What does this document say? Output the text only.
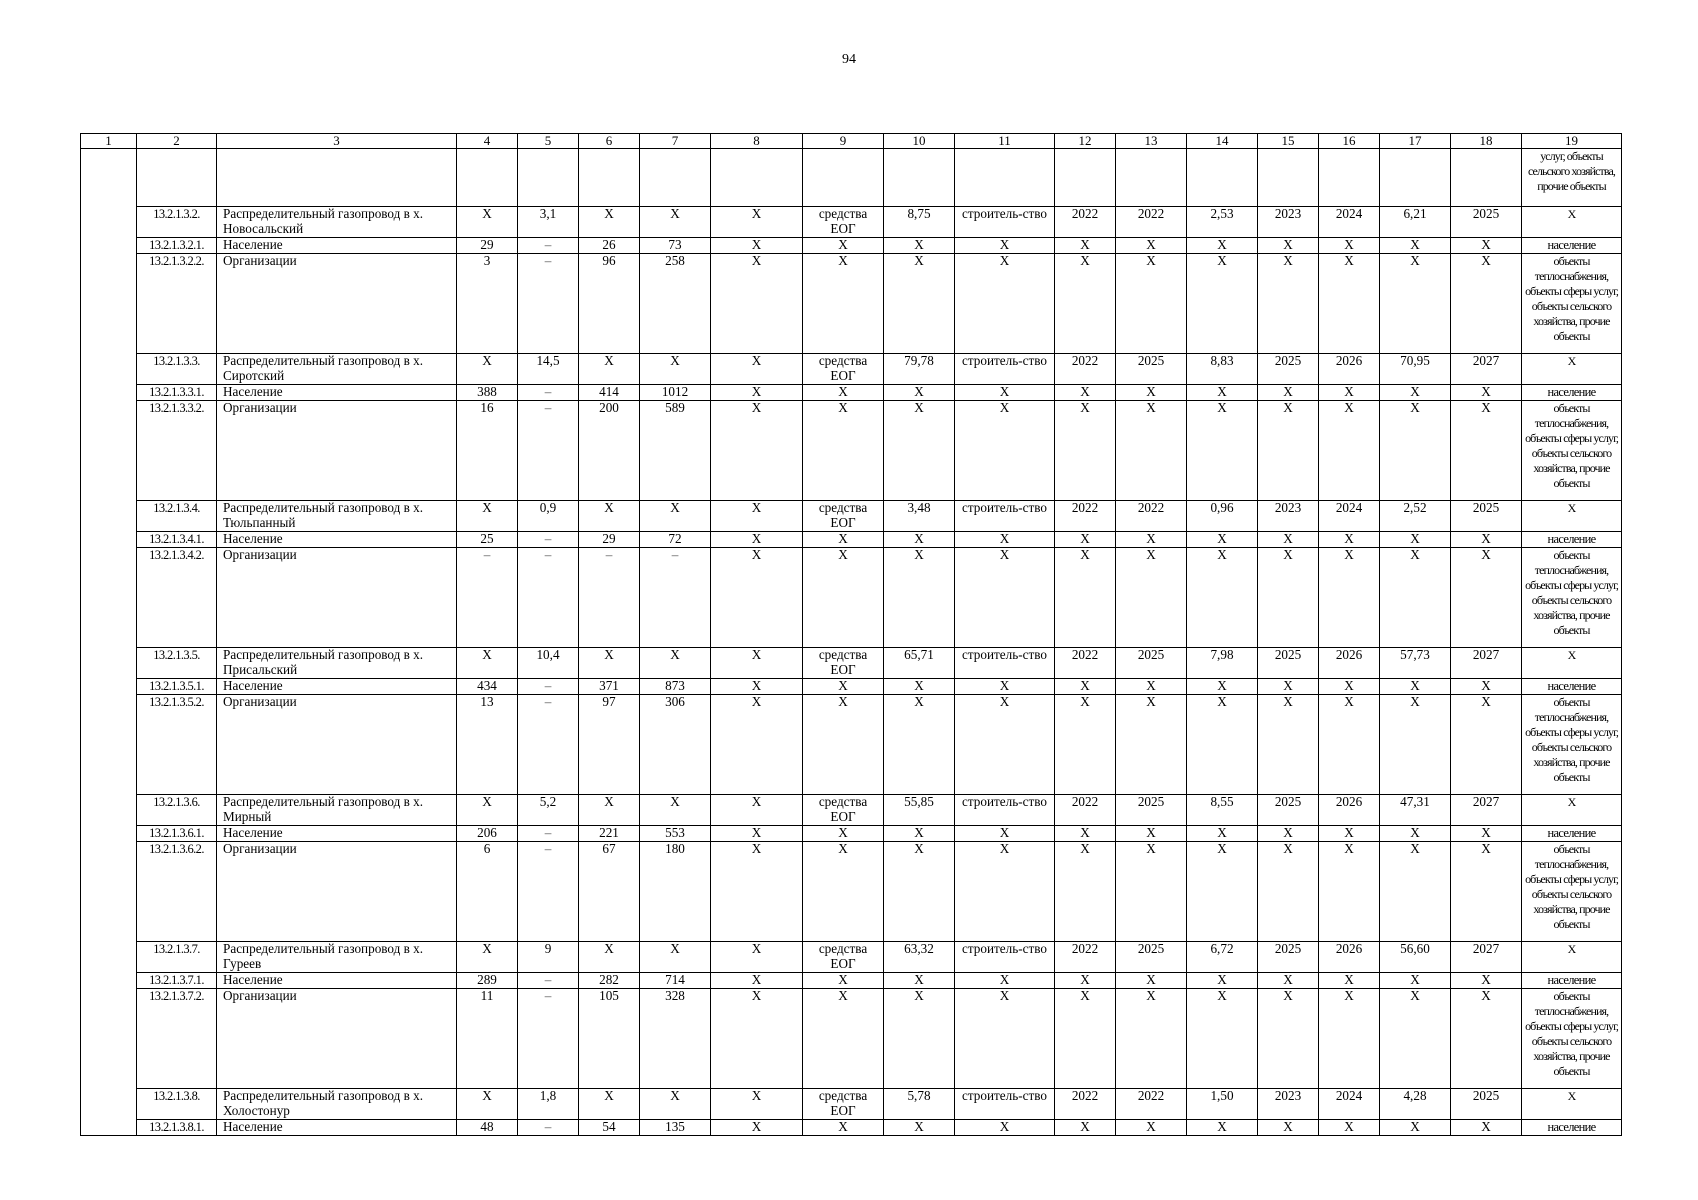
94
1	2	3	4	5	6	7	8	9	10	11	12	13	14	15	16	17	18	19
																		услуг, объекты сельского хозяйства, прочие объекты
	13.2.1.3.2.	Распределительный газопровод в х. Новосальский	Х	3,1	Х	Х	Х	средства ЕОГ	8,75	строитель-ство	2022	2022	2,53	2023	2024	6,21	2025	Х
	13.2.1.3.2.1.	Население	29	–	26	73	Х	Х	Х	Х	Х	Х	Х	Х	Х	Х	Х	население
	13.2.1.3.2.2.	Организации	3	–	96	258	Х	Х	Х	Х	Х	Х	Х	Х	Х	Х	Х	объекты теплоснабжения, объекты сферы услуг, объекты сельского хозяйства, прочие объекты
	13.2.1.3.3.	Распределительный газопровод в х. Сиротский	Х	14,5	Х	Х	Х	средства ЕОГ	79,78	строитель-ство	2022	2025	8,83	2025	2026	70,95	2027	Х
	13.2.1.3.3.1.	Население	388	–	414	1012	Х	Х	Х	Х	Х	Х	Х	Х	Х	Х	Х	население
	13.2.1.3.3.2.	Организации	16	–	200	589	Х	Х	Х	Х	Х	Х	Х	Х	Х	Х	Х	объекты теплоснабжения, объекты сферы услуг, объекты сельского хозяйства, прочие объекты
	13.2.1.3.4.	Распределительный газопровод в х. Тюльпанный	Х	0,9	Х	Х	Х	средства ЕОГ	3,48	строитель-ство	2022	2022	0,96	2023	2024	2,52	2025	Х
	13.2.1.3.4.1.	Население	25	–	29	72	Х	Х	Х	Х	Х	Х	Х	Х	Х	Х	Х	население
	13.2.1.3.4.2.	Организации	–	–	–	–	Х	Х	Х	Х	Х	Х	Х	Х	Х	Х	Х	объекты теплоснабжения, объекты сферы услуг, объекты сельского хозяйства, прочие объекты
	13.2.1.3.5.	Распределительный газопровод в х. Присальский	Х	10,4	Х	Х	Х	средства ЕОГ	65,71	строитель-ство	2022	2025	7,98	2025	2026	57,73	2027	Х
	13.2.1.3.5.1.	Население	434	–	371	873	Х	Х	Х	Х	Х	Х	Х	Х	Х	Х	Х	население
	13.2.1.3.5.2.	Организации	13	–	97	306	Х	Х	Х	Х	Х	Х	Х	Х	Х	Х	Х	объекты теплоснабжения, объекты сферы услуг, объекты сельского хозяйства, прочие объекты
	13.2.1.3.6.	Распределительный газопровод в х. Мирный	Х	5,2	Х	Х	Х	средства ЕОГ	55,85	строитель-ство	2022	2025	8,55	2025	2026	47,31	2027	Х
	13.2.1.3.6.1.	Население	206	–	221	553	Х	Х	Х	Х	Х	Х	Х	Х	Х	Х	Х	население
	13.2.1.3.6.2.	Организации	6	–	67	180	Х	Х	Х	Х	Х	Х	Х	Х	Х	Х	Х	объекты теплоснабжения, объекты сферы услуг, объекты сельского хозяйства, прочие объекты
	13.2.1.3.7.	Распределительный газопровод в х. Гуреев	Х	9	Х	Х	Х	средства ЕОГ	63,32	строитель-ство	2022	2025	6,72	2025	2026	56,60	2027	Х
	13.2.1.3.7.1.	Население	289	–	282	714	Х	Х	Х	Х	Х	Х	Х	Х	Х	Х	Х	население
	13.2.1.3.7.2.	Организации	11	–	105	328	Х	Х	Х	Х	Х	Х	Х	Х	Х	Х	Х	объекты теплоснабжения, объекты сферы услуг, объекты сельского хозяйства, прочие объекты
	13.2.1.3.8.	Распределительный газопровод в х. Холостонур	Х	1,8	Х	Х	Х	средства ЕОГ	5,78	строитель-ство	2022	2022	1,50	2023	2024	4,28	2025	Х
	13.2.1.3.8.1.	Население	48	–	54	135	Х	Х	Х	Х	Х	Х	Х	Х	Х	Х	Х	население
